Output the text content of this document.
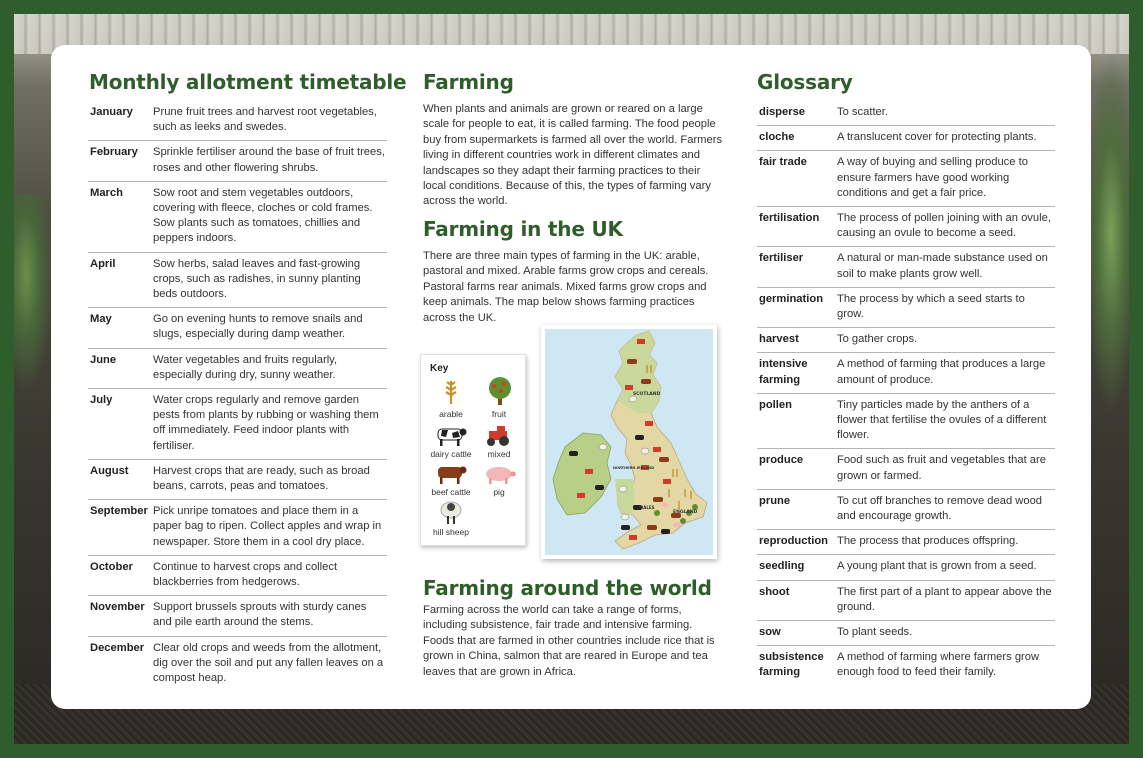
Monthly allotment timetable
January	Prune fruit trees and harvest root vegetables, such as leeks and swedes.
February	Sprinkle fertiliser around the base of fruit trees, roses and other flowering shrubs.
March	Sow root and stem vegetables outdoors, covering with fleece, cloches or cold frames. Sow plants such as tomatoes, chillies and peppers indoors.
April	Sow herbs, salad leaves and fast-growing crops, such as radishes, in sunny planting beds outdoors.
May	Go on evening hunts to remove snails and slugs, especially during damp weather.
June	Water vegetables and fruits regularly, especially during dry, sunny weather.
July	Water crops regularly and remove garden pests from plants by rubbing or washing them off immediately. Feed indoor plants with fertiliser.
August	Harvest crops that are ready, such as broad beans, carrots, peas and tomatoes.
September	Pick unripe tomatoes and place them in a paper bag to ripen. Collect apples and wrap in newspaper. Store them in a cool dry place.
October	Continue to harvest crops and collect blackberries from hedgerows.
November	Support brussels sprouts with sturdy canes and pile earth around the stems.
December	Clear old crops and weeds from the allotment, dig over the soil and put any fallen leaves on a compost heap.
Farming

When plants and animals are grown or reared on a large scale for people to eat, it is called farming. The food people buy from supermarkets is farmed all over the world. Farmers living in different countries work in different climates and landscapes so they adapt their farming practices to their local conditions. Because of this, the types of farming vary across the world.

Farming in the UK

There are three main types of farming in the UK: arable, pastoral and mixed. Arable farms grow crops and cereals. Pastoral farms rear animals. Mixed farms grow crops and keep animals. The map below shows farming practices across the UK.

Key
arable	fruit
dairy cattle	mixed
beef cattle	pig
hill sheep
SCOTLAND
NORTHERN IRELAND
ENGLAND
WALES
Farming around the world

Farming across the world can take a range of forms, including subsistence, fair trade and intensive farming. Foods that are farmed in other countries include rice that is grown in China, salmon that are reared in Europe and tea leaves that are grown in Africa.

Glossary
disperse	To scatter.
cloche	A translucent cover for protecting plants.
fair trade	A way of buying and selling produce to ensure farmers have good working conditions and get a fair price.
fertilisation	The process of pollen joining with an ovule, causing an ovule to become a seed.
fertiliser	A natural or man-made substance used on soil to make plants grow well.
germination	The process by which a seed starts to grow.
harvest	To gather crops.
intensive farming	A method of farming that produces a large amount of produce.
pollen	Tiny particles made by the anthers of a flower that fertilise the ovules of a different flower.
produce	Food such as fruit and vegetables that are grown or farmed.
prune	To cut off branches to remove dead wood and encourage growth.
reproduction	The process that produces offspring.
seedling	A young plant that is grown from a seed.
shoot	The first part of a plant to appear above the ground.
sow	To plant seeds.
subsistence farming	A method of farming where farmers grow enough food to feed their family.
